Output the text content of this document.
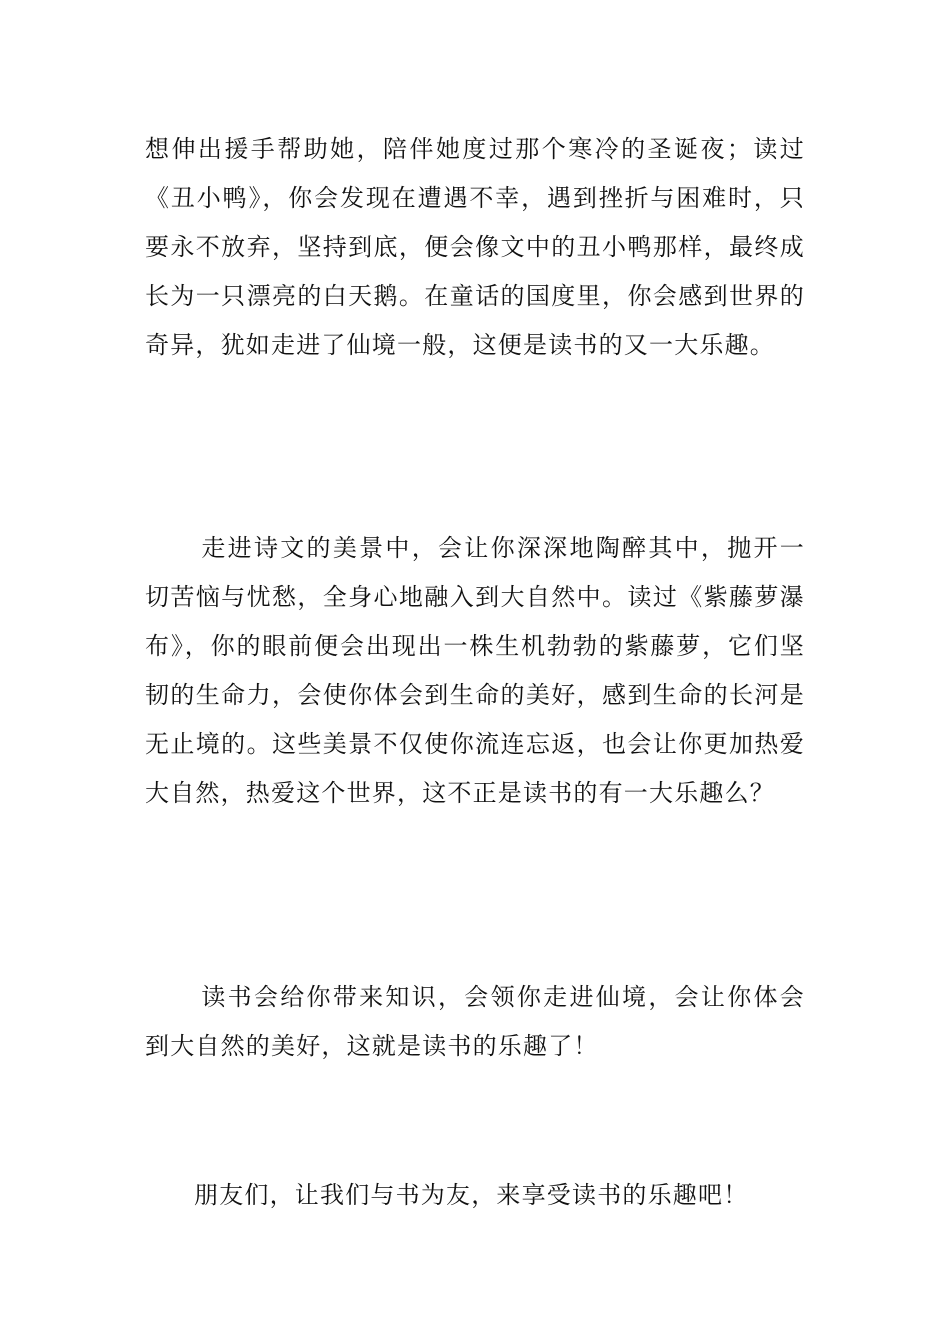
想伸出援手帮助她，陪伴她度过那个寒冷的圣诞夜；读过《丑小鸭》，你会发现在遭遇不幸，遇到挫折与困难时，只要永不放弃，坚持到底，便会像文中的丑小鸭那样，最终成长为一只漂亮的白天鹅。在童话的国度里，你会感到世界的奇异，犹如走进了仙境一般，这便是读书的又一大乐趣。

走进诗文的美景中，会让你深深地陶醉其中，抛开一切苦恼与忧愁，全身心地融入到大自然中。读过《紫藤萝瀑布》，你的眼前便会出现出一株生机勃勃的紫藤萝，它们坚韧的生命力，会使你体会到生命的美好，感到生命的长河是无止境的。这些美景不仅使你流连忘返，也会让你更加热爱大自然，热爱这个世界，这不正是读书的有一大乐趣么？

读书会给你带来知识，会领你走进仙境，会让你体会到大自然的美好，这就是读书的乐趣了！

朋友们，让我们与书为友，来享受读书的乐趣吧！
